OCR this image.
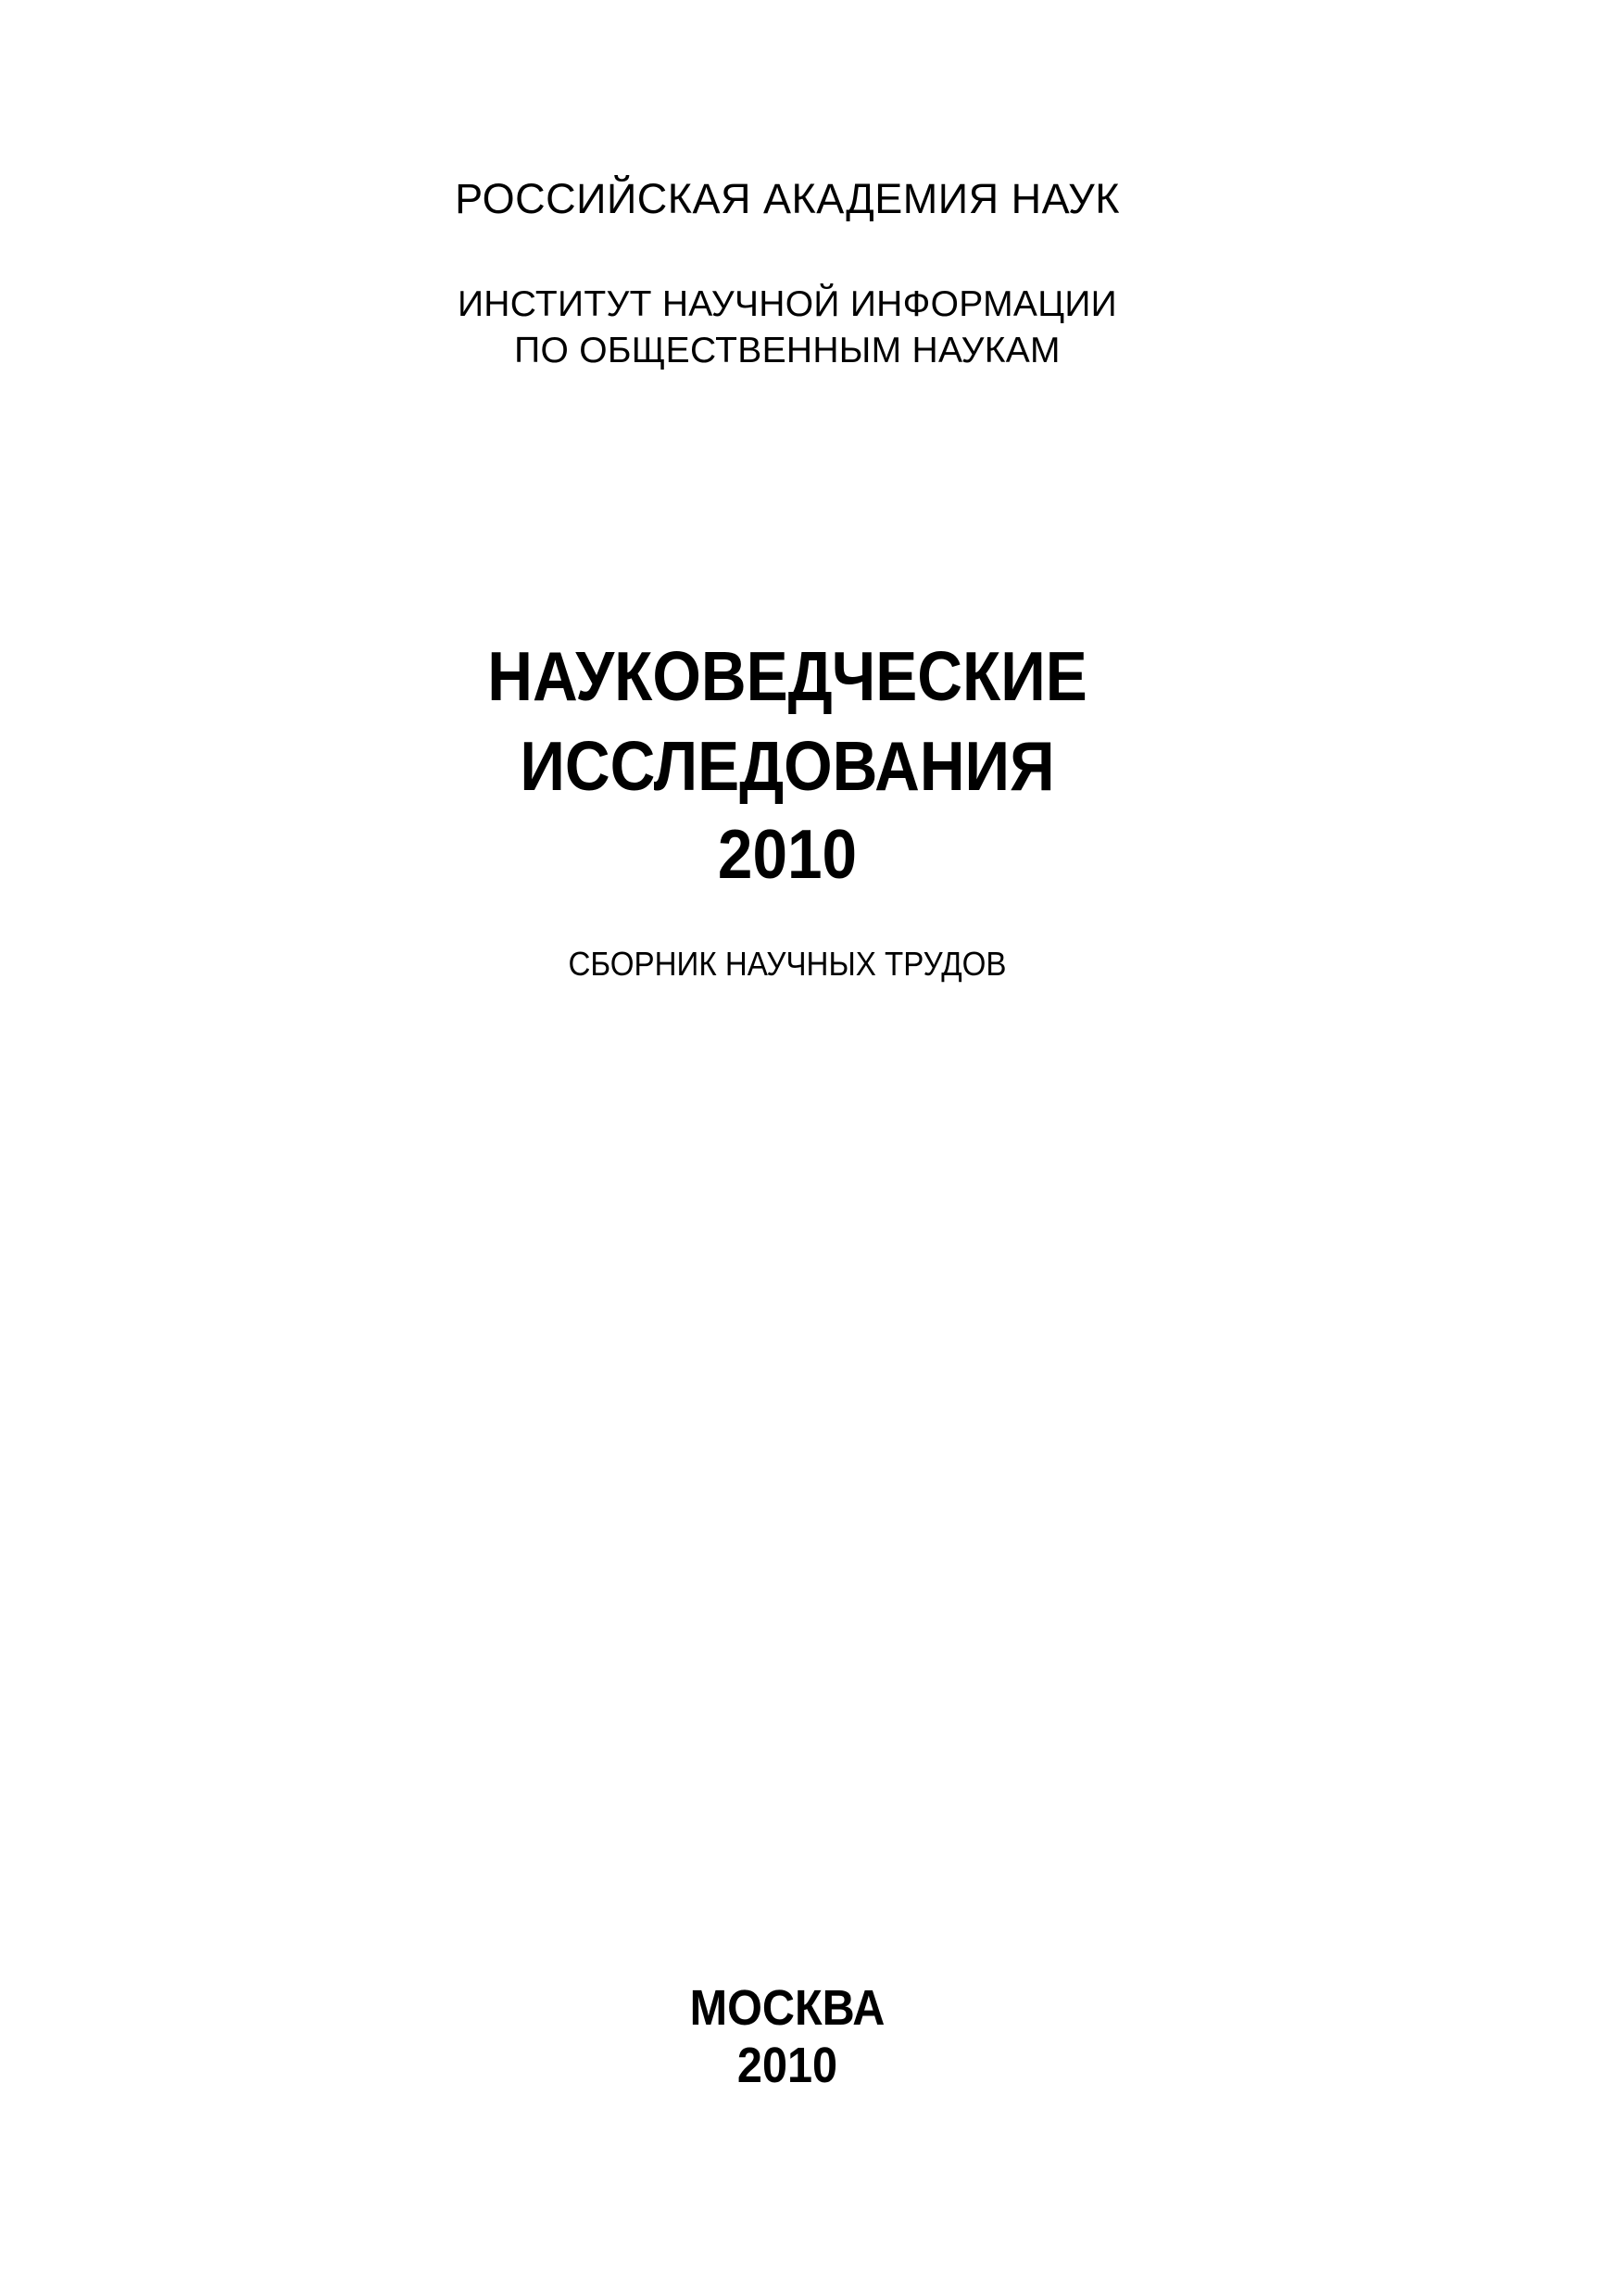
РОССИЙСКАЯ АКАДЕМИЯ НАУК
ИНСТИТУТ НАУЧНОЙ ИНФОРМАЦИИ
ПО ОБЩЕСТВЕННЫМ НАУКАМ
НАУКОВЕДЧЕСКИЕ
ИССЛЕДОВАНИЯ
2010
СБОРНИК НАУЧНЫХ ТРУДОВ
МОСКВА
2010
